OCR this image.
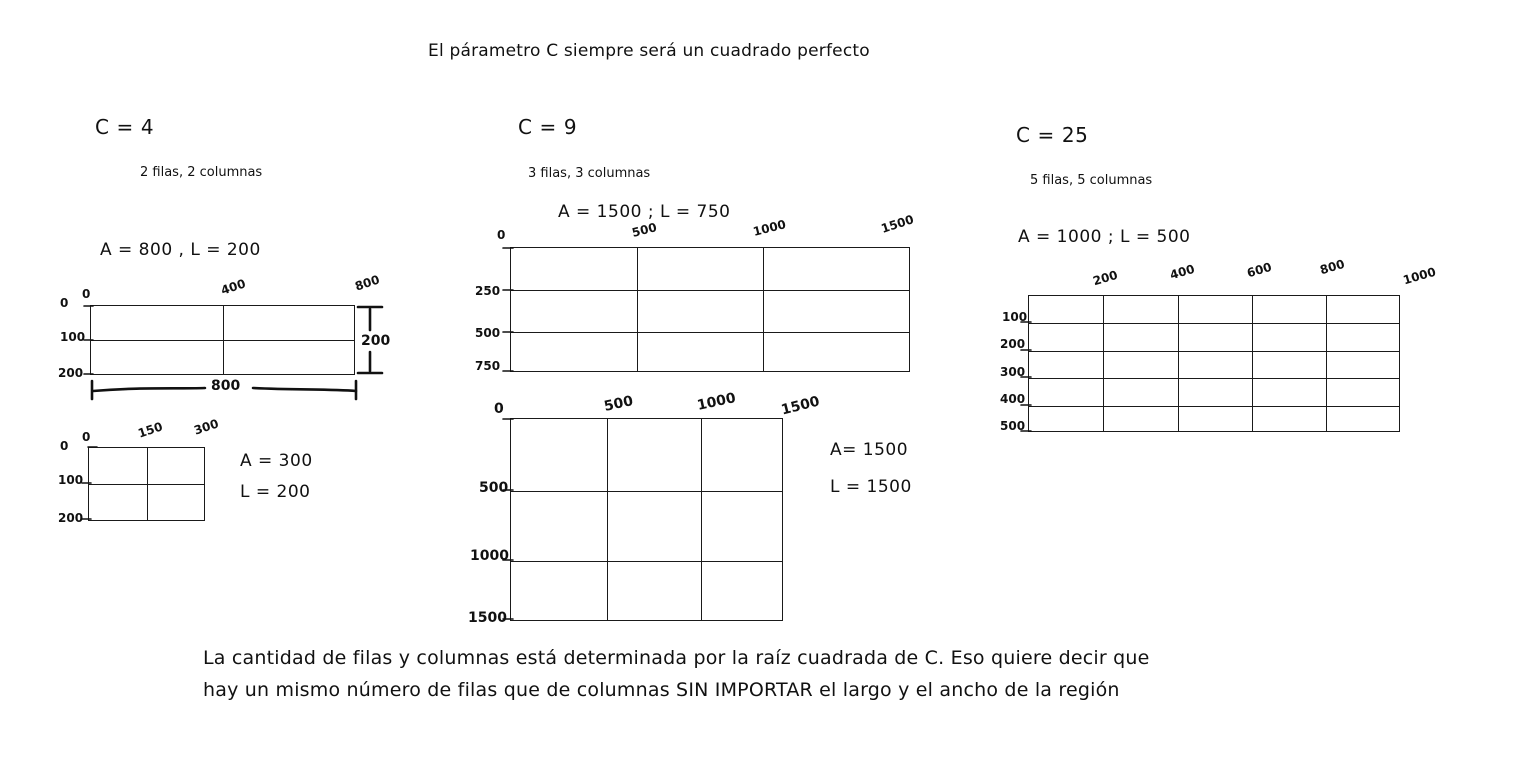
El párametro C siempre será un cuadrado perfecto
C = 4
2 filas, 2 columnas
A = 800 , L = 200
0	400	800
0
100
200
800
200
0	150 300
0
100
200
A = 300
L = 200
C = 9
3 filas, 3 columnas
A = 1500 ; L = 750
0	500	1000	1500
250
500
750
0	500	1000	1500
500
1000
1500
A= 1500
L = 1500
C = 25
5 filas, 5 columnas
A = 1000 ; L = 500
200	400	600	800	1000
100
200
300
400
500
La cantidad de filas y columnas está determinada por la raíz cuadrada de C. Eso quiere decir que
hay un mismo número de filas que de columnas SIN IMPORTAR el largo y el ancho de la región
